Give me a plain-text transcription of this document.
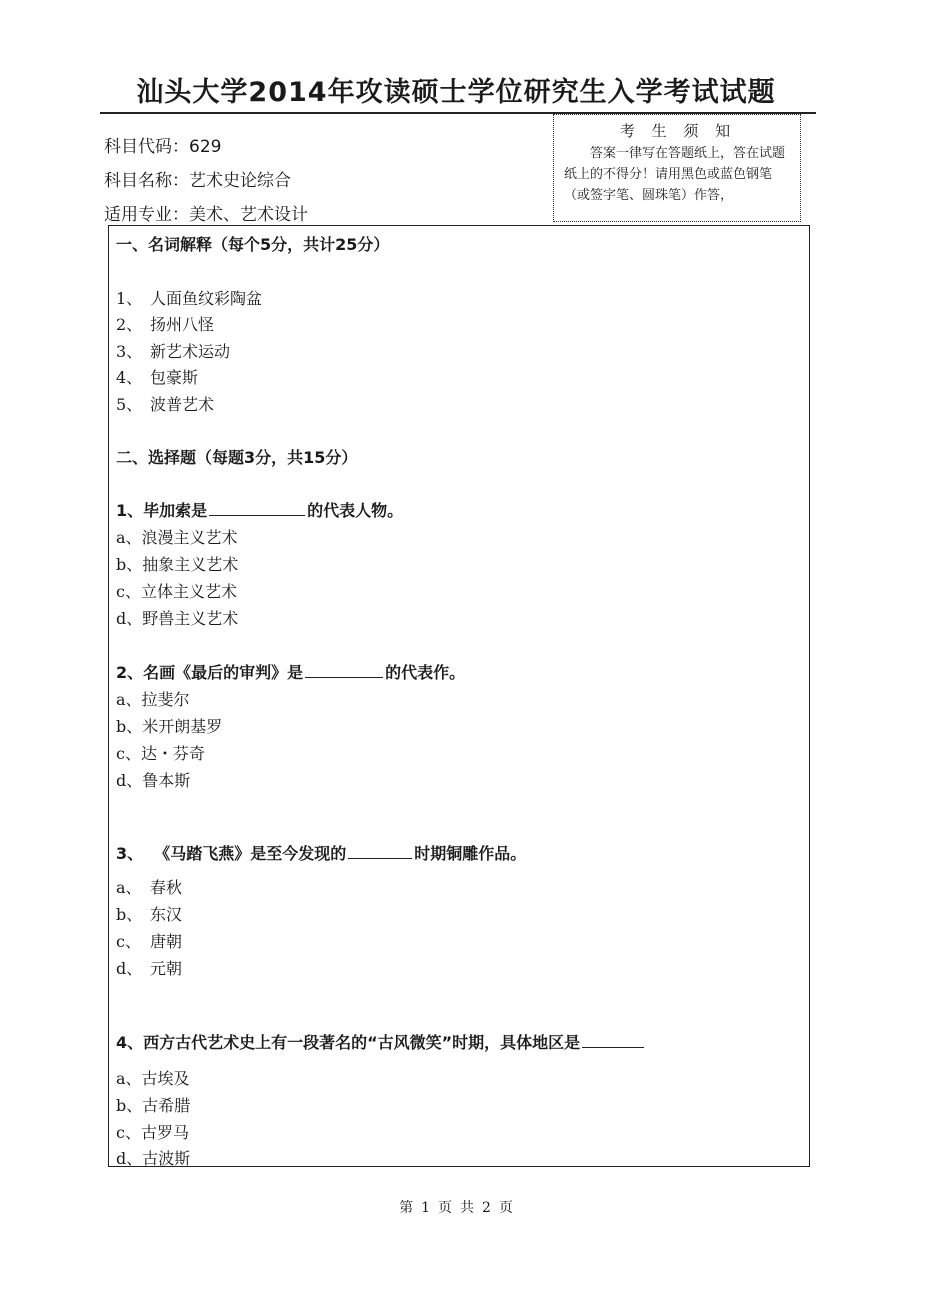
汕头大学2014年攻读硕士学位研究生入学考试试题
科目代码：629
科目名称：艺术史论综合
适用专业：美术、艺术设计
考 生 须 知
答案一律写在答题纸上，答在试题纸上的不得分！请用黑色或蓝色钢笔（或签字笔、圆珠笔）作答，
一、名词解释（每个5分，共计25分）
1、 人面鱼纹彩陶盆
2、 扬州八怪
3、 新艺术运动
4、 包豪斯
5、 波普艺术
二、选择题（每题3分，共15分）
1、毕加索是	的代表人物。
a、浪漫主义艺术
b、抽象主义艺术
c、立体主义艺术
d、野兽主义艺术
2、名画《最后的审判》是	的代表作。
a、拉斐尔
b、米开朗基罗
c、达・芬奇
d、鲁本斯
3、  《马踏飞燕》是至今发现的	时期铜雕作品。
a、 春秋
b、 东汉
c、 唐朝
d、 元朝
4、西方古代艺术史上有一段著名的“古风微笑”时期，具体地区是
a、古埃及
b、古希腊
c、古罗马
d、古波斯
第 1 页 共 2 页
